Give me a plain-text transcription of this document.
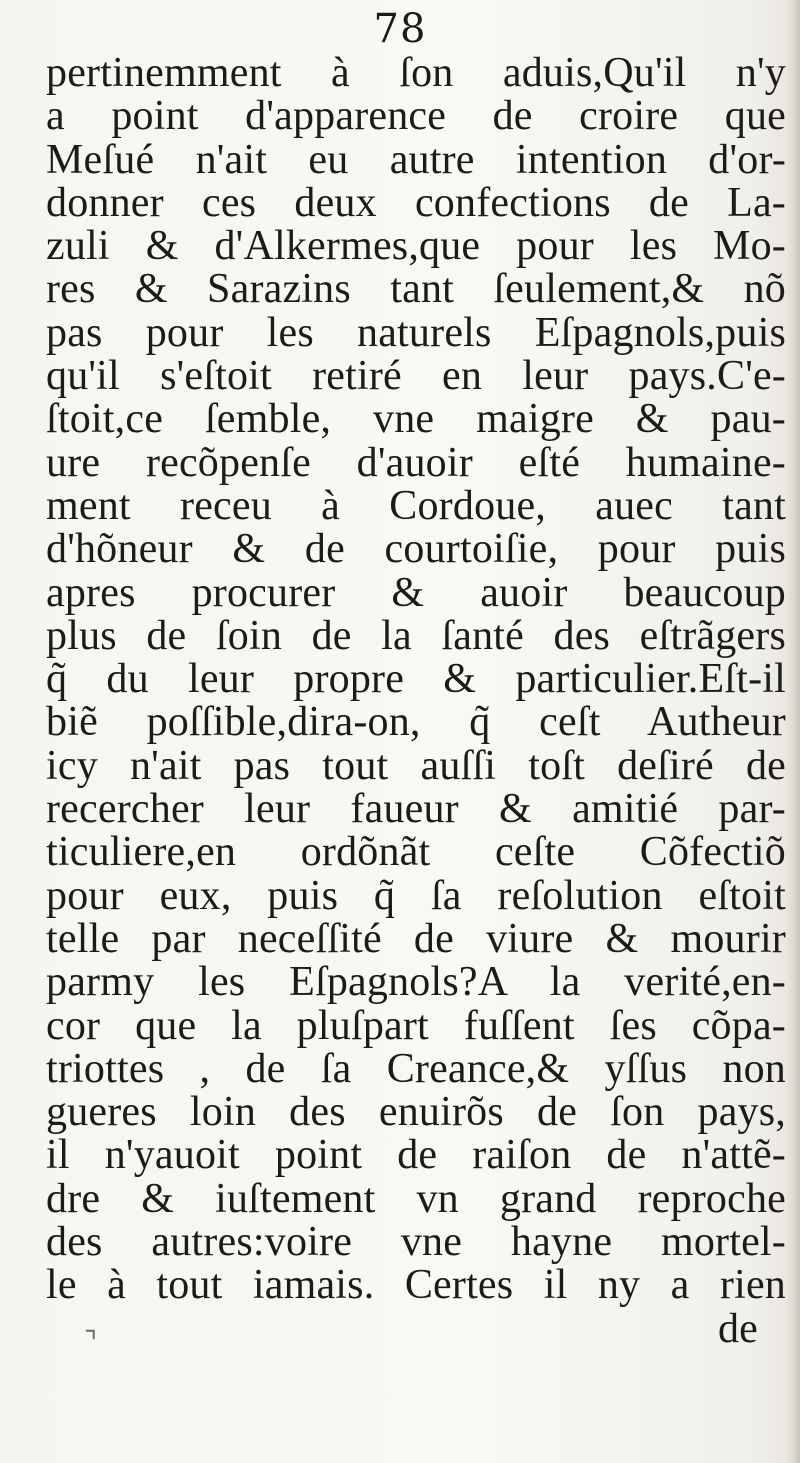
78
pertinemment à ſon aduis,Qu'il n'y
a point d'apparence de croire que
Meſué n'ait eu autre intention d'or-
donner ces deux confections de La-
zuli & d'Alkermes,que pour les Mo-
res & Sarazins tant ſeulement,& nõ
pas pour les naturels Eſpagnols,puis
qu'il s'eſtoit retiré en leur pays.C'e-
ſtoit,ce ſemble, vne maigre & pau-
ure recõpenſe d'auoir eſté humaine-
ment receu à Cordoue, auec tant
d'hõneur & de courtoiſie, pour puis
apres procurer & auoir beaucoup
plus de ſoin de la ſanté des eſtrãgers
q̃ du leur propre & particulier.Eſt-il
biẽ poſſible,dira-on, q̃ ceſt Autheur
icy n'ait pas tout auſſi toſt deſiré de
recercher leur faueur & amitié par-
ticuliere,en ordõnãt ceſte Cõfectiõ
pour eux, puis q̃ ſa reſolution eſtoit
telle par neceſſité de viure & mourir
parmy les Eſpagnols?A la verité,en-
cor que la pluſpart fuſſent ſes cõpa-
triottes , de ſa Creance,& yſſus non
gueres loin des enuirõs de ſon pays,
il n'yauoit point de raiſon de n'attẽ-
dre & iuſtement vn grand reproche
des autres:voire vne hayne mortel-
le à tout iamais. Certes il ny a rien
de
⌝
